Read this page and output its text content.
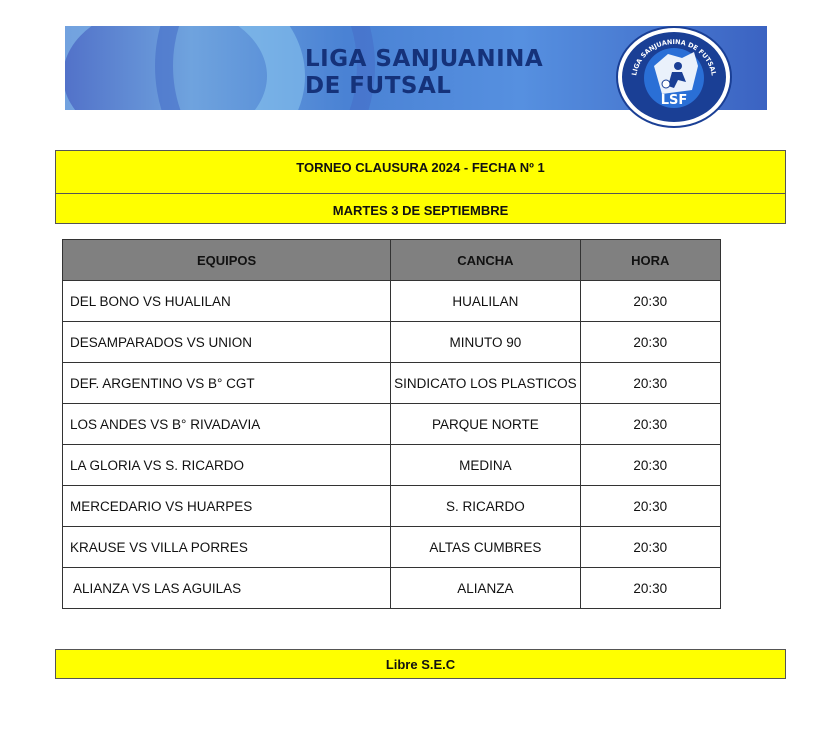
LIGA SANJUANINA
DE FUTSAL	LIGA SANJUANINA DE FUTSAL
LSF
TORNEO CLAUSURA 2024 - FECHA Nº 1
MARTES 3 DE SEPTIEMBRE
EQUIPOS	CANCHA	HORA
DEL BONO VS HUALILAN	HUALILAN	20:30
DESAMPARADOS VS UNION	MINUTO 90	20:30
DEF. ARGENTINO VS B° CGT	SINDICATO LOS PLASTICOS	20:30
LOS ANDES VS B° RIVADAVIA	PARQUE NORTE	20:30
LA GLORIA VS S. RICARDO	MEDINA	20:30
MERCEDARIO VS HUARPES	S. RICARDO	20:30
KRAUSE VS VILLA PORRES	ALTAS CUMBRES	20:30
ALIANZA VS LAS AGUILAS	ALIANZA	20:30
Libre S.E.C
